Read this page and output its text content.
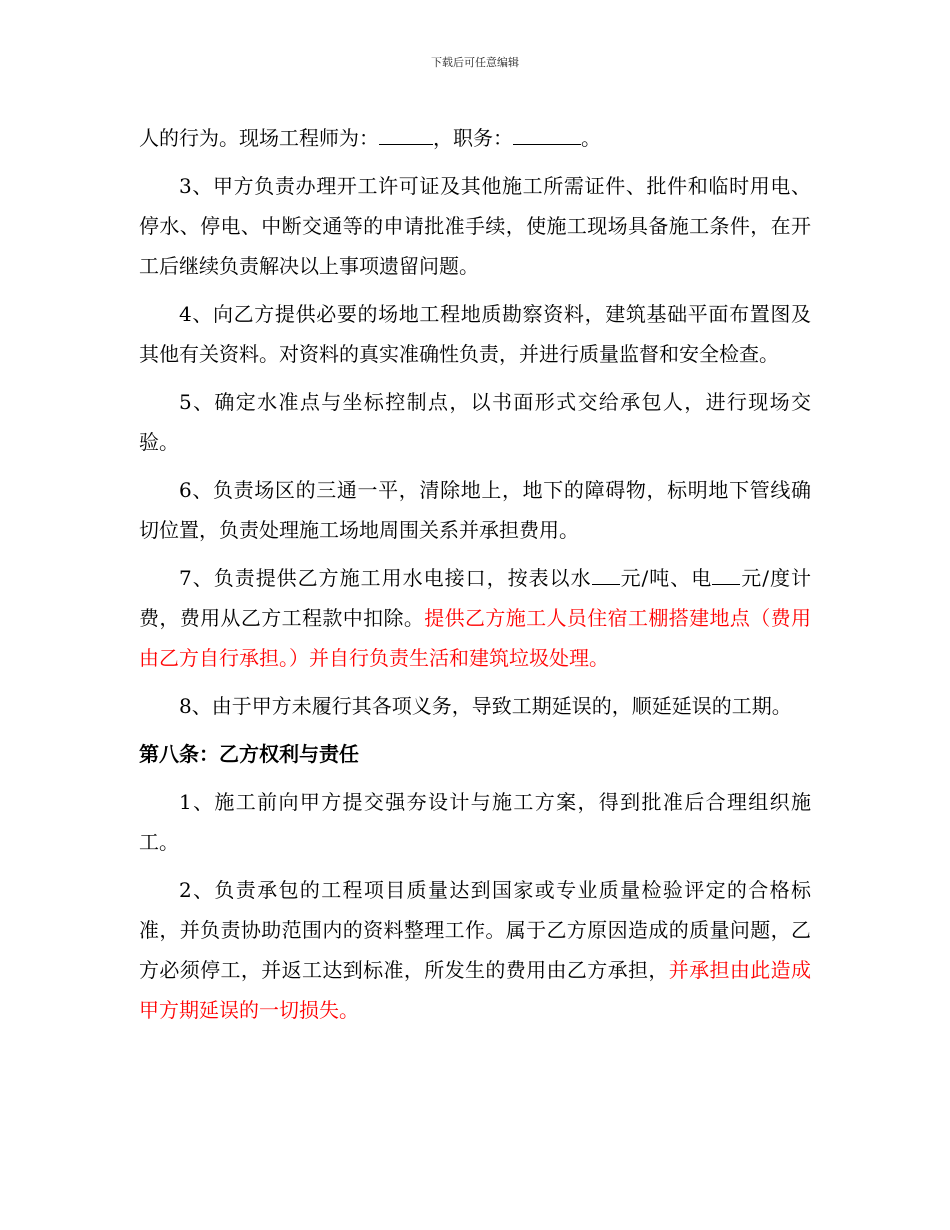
下载后可任意编辑

人的行为。现场工程师为：	，职务：	。

3、甲方负责办理开工许可证及其他施工所需证件、批件和临时用电、停水、停电、中断交通等的申请批准手续，使施工现场具备施工条件，在开工后继续负责解决以上事项遗留问题。

4、向乙方提供必要的场地工程地质勘察资料，建筑基础平面布置图及其他有关资料。对资料的真实准确性负责，并进行质量监督和安全检查。

5、确定水准点与坐标控制点，以书面形式交给承包人，进行现场交验。

6、负责场区的三通一平，清除地上，地下的障碍物，标明地下管线确切位置，负责处理施工场地周围关系并承担费用。

7、负责提供乙方施工用水电接口，按表以水 元/吨、电 元/度计费，费用从乙方工程款中扣除。提供乙方施工人员住宿工棚搭建地点（费用由乙方自行承担。）并自行负责生活和建筑垃圾处理。

8、由于甲方未履行其各项义务，导致工期延误的，顺延延误的工期。

第八条：乙方权利与责任

1、施工前向甲方提交强夯设计与施工方案，得到批准后合理组织施工。

2、负责承包的工程项目质量达到国家或专业质量检验评定的合格标准，并负责协助范围内的资料整理工作。属于乙方原因造成的质量问题，乙方必须停工，并返工达到标准，所发生的费用由乙方承担，并承担由此造成甲方期延误的一切损失。
